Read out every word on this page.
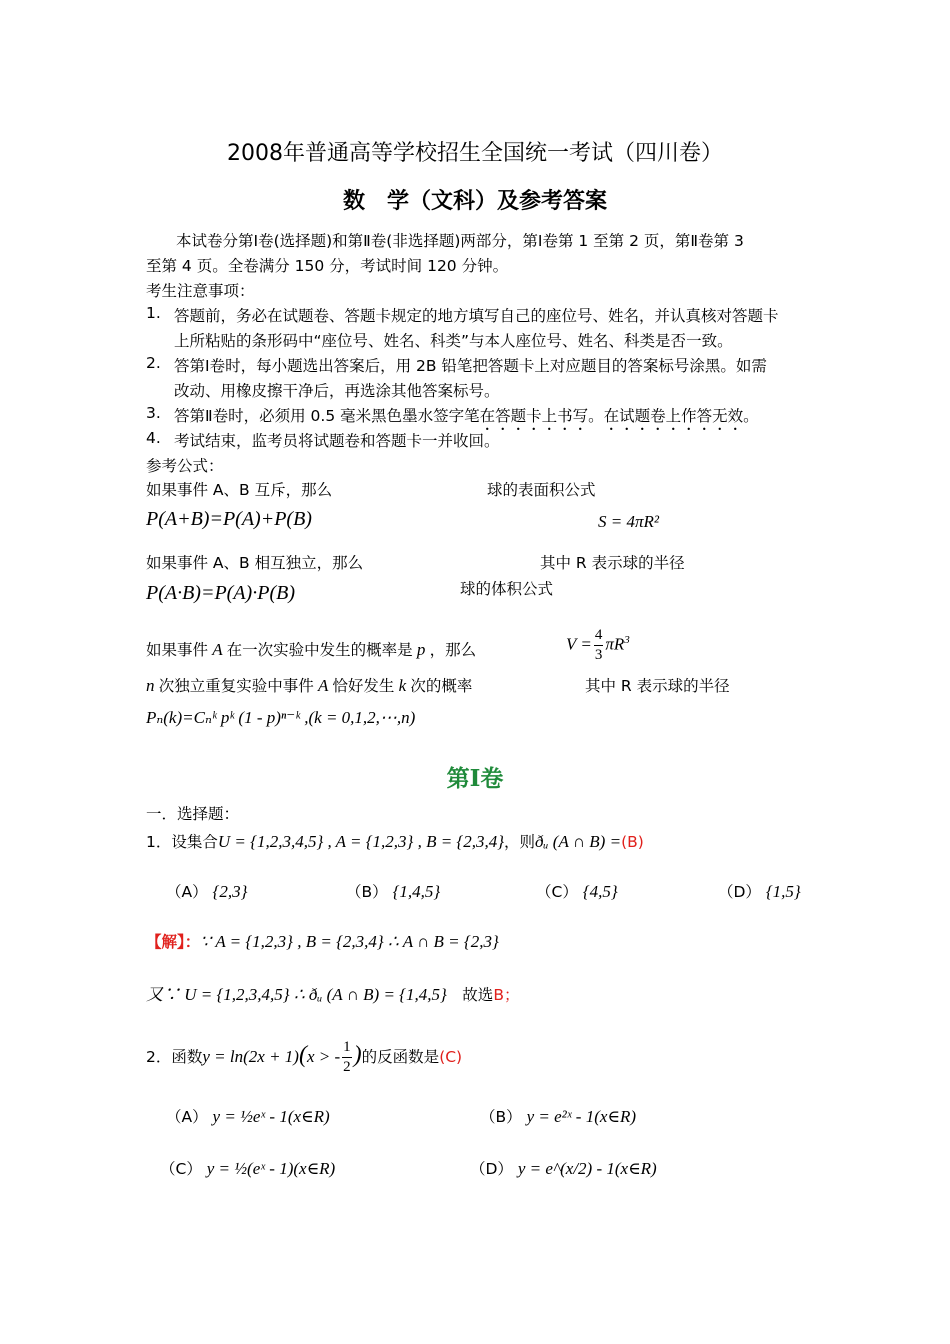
2008年普通高等学校招生全国统一考试（四川卷）
数　学（文科）及参考答案
本试卷分第Ⅰ卷(选择题)和第Ⅱ卷(非选择题)两部分，第Ⅰ卷第 1 至第 2 页，第Ⅱ卷第 3
至第 4 页。全卷满分 150 分，考试时间 120 分钟。
考生注意事项：
1. 答题前，务必在试题卷、答题卡规定的地方填写自己的座位号、姓名，并认真核对答题卡
上所粘贴的条形码中“座位号、姓名、科类”与本人座位号、姓名、科类是否一致。
2. 答第Ⅰ卷时，每小题选出答案后，用 2B 铅笔把答题卡上对应题目的答案标号涂黑。如需
改动、用橡皮擦干净后，再选涂其他答案标号。
3. 答第Ⅱ卷时，必须用 0.5 毫米黑色墨水签字笔在答题卡上书写。在试题卷上作答无效。
4. 考试结束，监考员将试题卷和答题卡一并收回。
参考公式：
如果事件 A、B 互斥，那么	球的表面积公式
P(A+B)=P(A)+P(B)	S = 4πR²
如果事件 A、B 相互独立，那么	其中 R 表示球的半径
P(A·B)=P(A)·P(B)	球的体积公式
如果事件 A 在一次实验中发生的概率是 p ，那么	$V = \frac{4}{3} \pi R^3$
n 次独立重复实验中事件 A 恰好发生 k 次的概率	其中 R 表示球的半径
Pₙ(k)=Cₙᵏ pᵏ (1 - p)ⁿ⁻ᵏ ,(k = 0,1,2,⋯,n)
第Ⅰ卷
一．选择题：
1．设集合U = {1,2,3,4,5} , A = {1,2,3} , B = {2,3,4}，则ðᵤ (A ∩ B) =(B)
（A） {2,3}	（B） {1,4,5}	（C） {4,5}	（D） {1,5}
【解】：∵ A = {1,2,3} , B = {2,3,4} ∴ A ∩ B = {2,3}
又∵ U = {1,2,3,4,5} ∴ ðᵤ (A ∩ B) = {1,4,5}　 故选B；
2．函数y = ln(2x + 1)(x > - $\frac{1}{2}$ )的反函数是(C)
（A） y = ½eˣ - 1(x∈R)	（B） y = e²ˣ - 1(x∈R)
（C） y = ½(eˣ - 1)(x∈R)	（D） y = e^(x/2) - 1(x∈R)
